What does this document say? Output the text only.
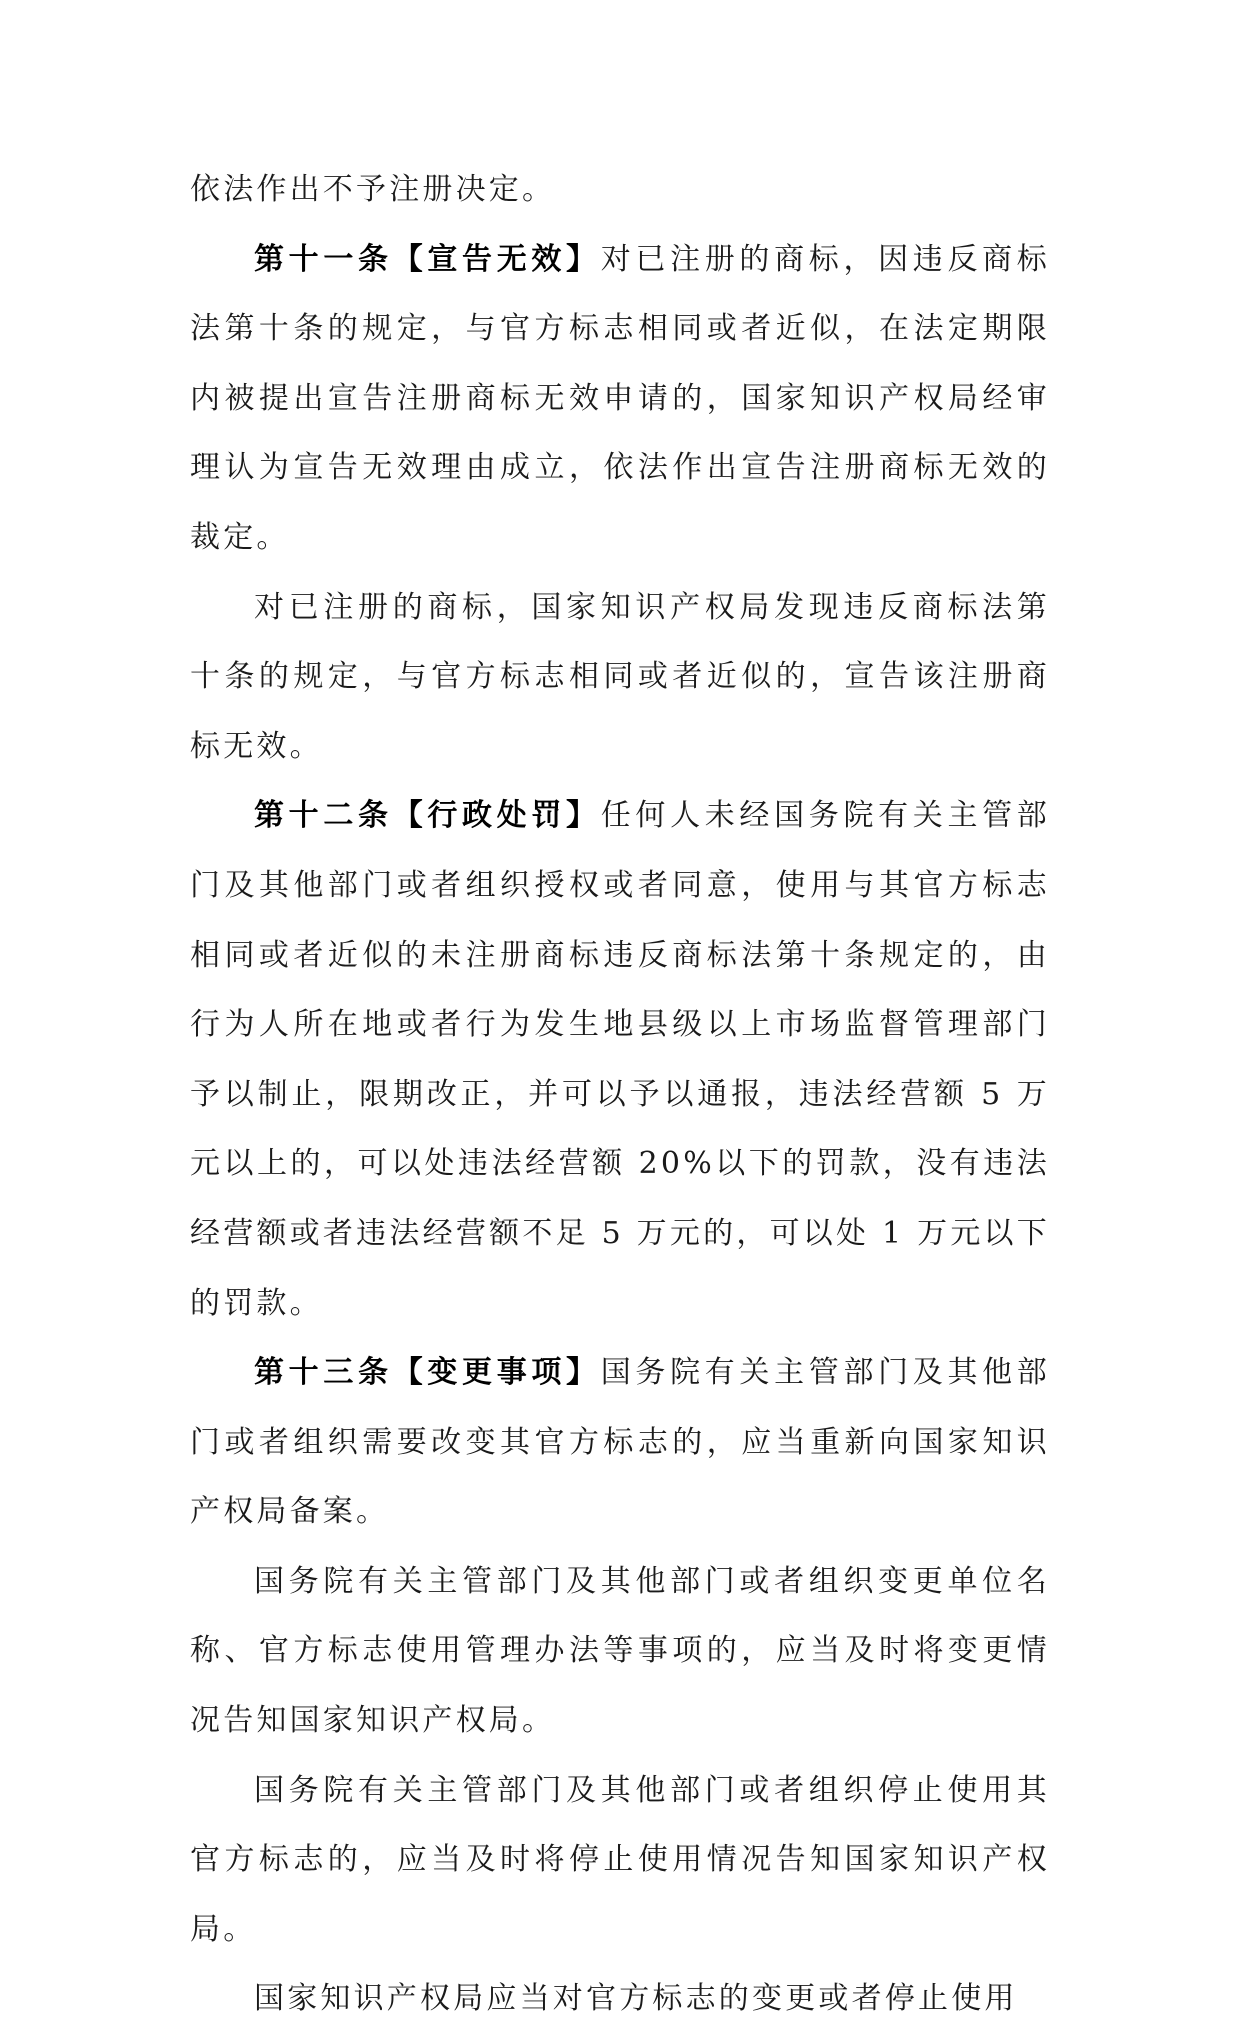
依法作出不予注册决定。

第十一条【宣告无效】对已注册的商标，因违反商标法第十条的规定，与官方标志相同或者近似，在法定期限内被提出宣告注册商标无效申请的，国家知识产权局经审理认为宣告无效理由成立，依法作出宣告注册商标无效的裁定。

对已注册的商标，国家知识产权局发现违反商标法第十条的规定，与官方标志相同或者近似的，宣告该注册商标无效。

第十二条【行政处罚】任何人未经国务院有关主管部门及其他部门或者组织授权或者同意，使用与其官方标志相同或者近似的未注册商标违反商标法第十条规定的，由行为人所在地或者行为发生地县级以上市场监督管理部门予以制止，限期改正，并可以予以通报，违法经营额 5 万元以上的，可以处违法经营额 20%以下的罚款，没有违法经营额或者违法经营额不足 5 万元的，可以处 1 万元以下的罚款。

第十三条【变更事项】国务院有关主管部门及其他部门或者组织需要改变其官方标志的，应当重新向国家知识产权局备案。

国务院有关主管部门及其他部门或者组织变更单位名称、官方标志使用管理办法等事项的，应当及时将变更情况告知国家知识产权局。

国务院有关主管部门及其他部门或者组织停止使用其官方标志的，应当及时将停止使用情况告知国家知识产权局。

国家知识产权局应当对官方标志的变更或者停止使用
